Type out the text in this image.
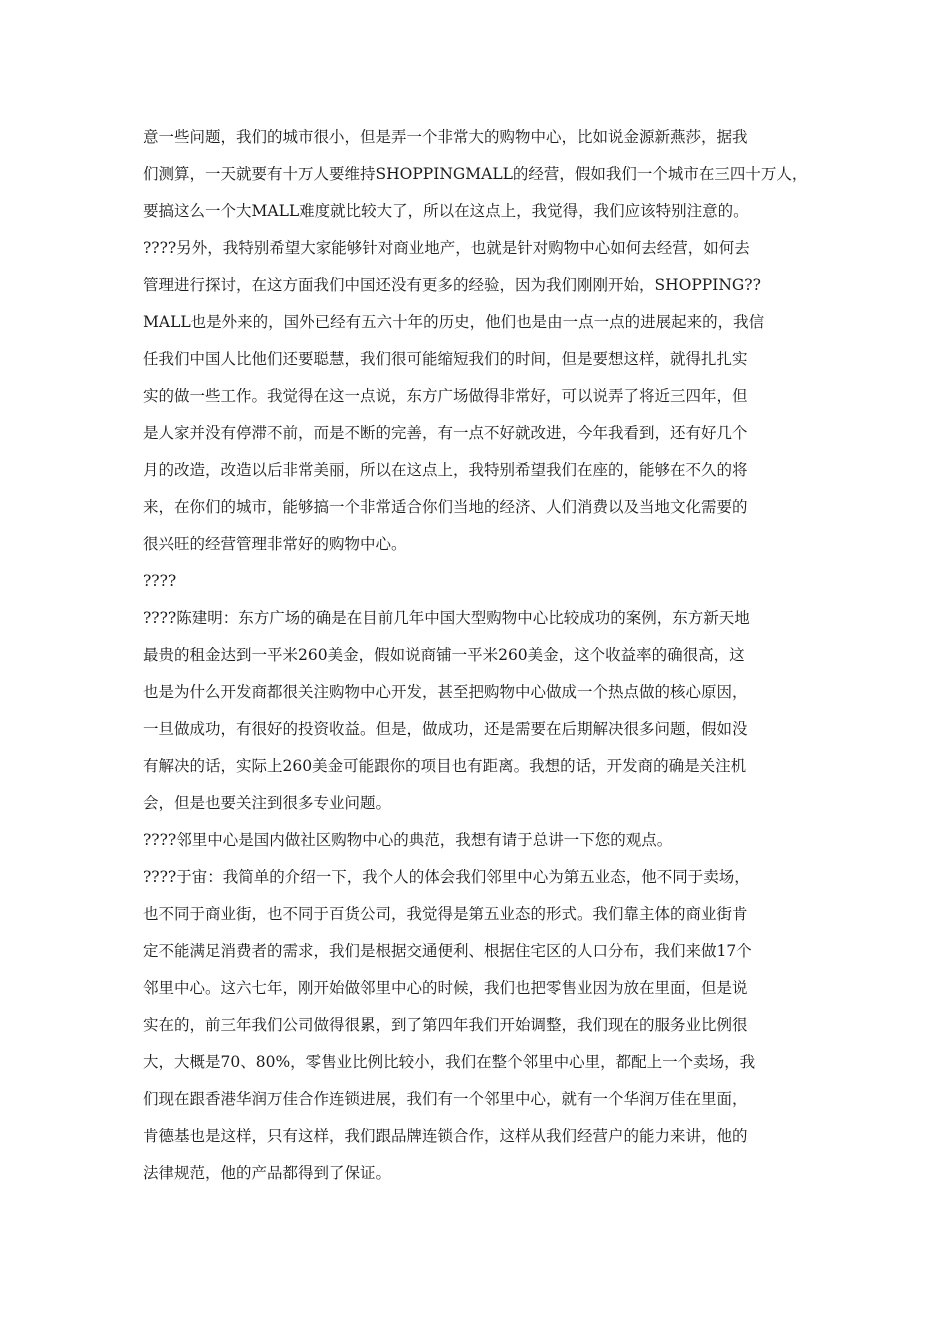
意一些问题，我们的城市很小，但是弄一个非常大的购物中心，比如说金源新燕莎，据我
们测算，一天就要有十万人要维持SHOPPINGMALL的经营，假如我们一个城市在三四十万人，
要搞这么一个大MALL难度就比较大了，所以在这点上，我觉得，我们应该特别注意的。
????另外，我特别希望大家能够针对商业地产，也就是针对购物中心如何去经营，如何去
管理进行探讨，在这方面我们中国还没有更多的经验，因为我们刚刚开始，SHOPPING??
MALL也是外来的，国外已经有五六十年的历史，他们也是由一点一点的进展起来的，我信
任我们中国人比他们还要聪慧，我们很可能缩短我们的时间，但是要想这样，就得扎扎实
实的做一些工作。我觉得在这一点说，东方广场做得非常好，可以说弄了将近三四年，但
是人家并没有停滞不前，而是不断的完善，有一点不好就改进，今年我看到，还有好几个
月的改造，改造以后非常美丽，所以在这点上，我特别希望我们在座的，能够在不久的将
来，在你们的城市，能够搞一个非常适合你们当地的经济、人们消费以及当地文化需要的
很兴旺的经营管理非常好的购物中心。
????
????陈建明：东方广场的确是在目前几年中国大型购物中心比较成功的案例，东方新天地
最贵的租金达到一平米260美金，假如说商铺一平米260美金，这个收益率的确很高，这
也是为什么开发商都很关注购物中心开发，甚至把购物中心做成一个热点做的核心原因，
一旦做成功，有很好的投资收益。但是，做成功，还是需要在后期解决很多问题，假如没
有解决的话，实际上260美金可能跟你的项目也有距离。我想的话，开发商的确是关注机
会，但是也要关注到很多专业问题。
????邻里中心是国内做社区购物中心的典范，我想有请于总讲一下您的观点。
????于宙：我简单的介绍一下，我个人的体会我们邻里中心为第五业态，他不同于卖场，
也不同于商业街，也不同于百货公司，我觉得是第五业态的形式。我们靠主体的商业街肯
定不能满足消费者的需求，我们是根据交通便利、根据住宅区的人口分布，我们来做17个
邻里中心。这六七年，刚开始做邻里中心的时候，我们也把零售业因为放在里面，但是说
实在的，前三年我们公司做得很累，到了第四年我们开始调整，我们现在的服务业比例很
大，大概是70、80%，零售业比例比较小，我们在整个邻里中心里，都配上一个卖场，我
们现在跟香港华润万佳合作连锁进展，我们有一个邻里中心，就有一个华润万佳在里面，
肯德基也是这样，只有这样，我们跟品牌连锁合作，这样从我们经营户的能力来讲，他的
法律规范，他的产品都得到了保证。
